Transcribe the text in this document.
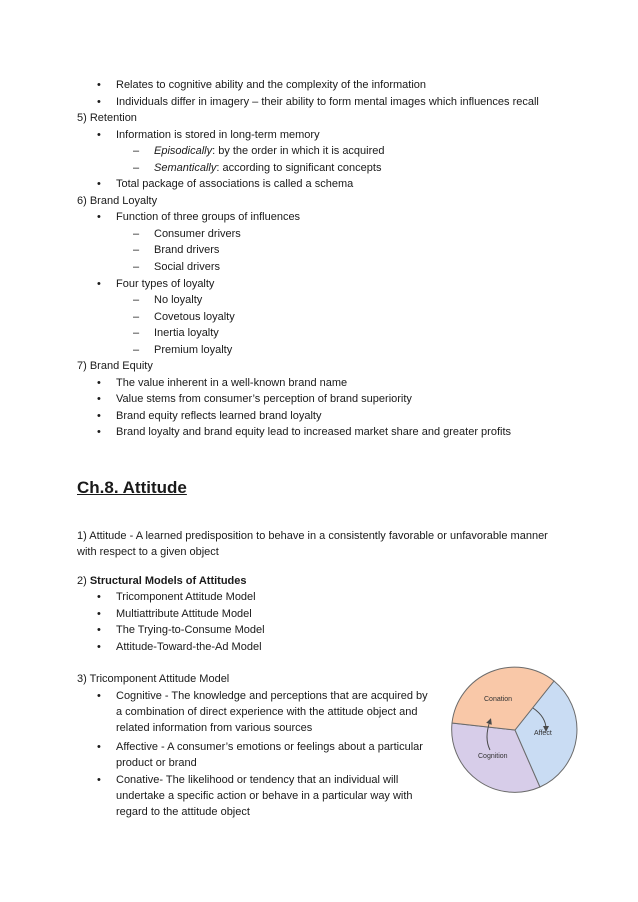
•
Relates to cognitive ability and the complexity of the information
•
Individuals differ in imagery – their ability to form mental images which influences recall
5) Retention
•
Information is stored in long-term memory
–
Episodically: by the order in which it is acquired
–
Semantically: according to significant concepts
•
Total package of associations is called a schema
6) Brand Loyalty
•
Function of three groups of influences
–
Consumer drivers
–
Brand drivers
–
Social drivers
•
Four types of loyalty
–
No loyalty
–
Covetous loyalty
–
Inertia loyalty
–
Premium loyalty
7) Brand Equity
•
The value inherent in a well-known brand name
•
Value stems from consumer’s perception of brand superiority
•
Brand equity reflects learned brand loyalty
•
Brand loyalty and brand equity lead to increased market share and greater profits
Ch.8. Attitude
1) Attitude - A learned predisposition to behave in a consistently favorable or unfavorable manner with respect to a given object
2) Structural Models of Attitudes
•
Tricomponent Attitude Model
•
Multiattribute Attitude Model
•
The Trying-to-Consume Model
•
Attitude-Toward-the-Ad Model
3) Tricomponent Attitude Model
•
Cognitive - The knowledge and perceptions that are acquired by a combination of direct experience with the attitude object and related information from various sources
•
Affective - A consumer’s emotions or feelings about a particular product or brand
•
Conative- The likelihood or tendency that an individual will undertake a specific action or behave in a particular way with regard to the attitude object
Conation
Affect
Cognition
